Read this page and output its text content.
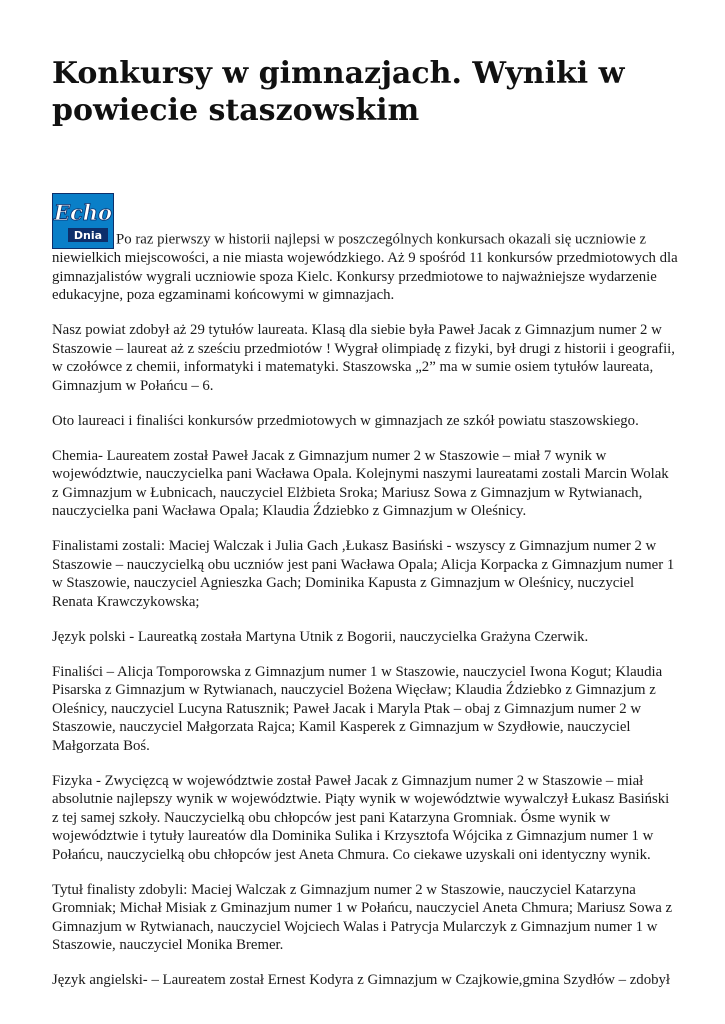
Konkursy w gimnazjach. Wyniki w powiecie staszowskim

Echo
Dnia Po raz pierwszy w historii najlepsi w poszczególnych konkursach okazali się uczniowie z niewielkich miejscowości, a nie miasta wojewódzkiego. Aż 9 spośród 11 konkursów przedmiotowych dla gimnazjalistów wygrali uczniowie spoza Kielc. Konkursy przedmiotowe to najważniejsze wydarzenie edukacyjne, poza egzaminami końcowymi w gimnazjach.

Nasz powiat zdobył aż 29 tytułów laureata. Klasą dla siebie była Paweł Jacak z Gimnazjum numer 2 w Staszowie – laureat aż z sześciu przedmiotów ! Wygrał olimpiadę z fizyki, był drugi z historii i geografii, w czołówce z chemii, informatyki i matematyki. Staszowska „2” ma w sumie osiem tytułów laureata, Gimnazjum w Połańcu – 6.

Oto laureaci i finaliści konkursów przedmiotowych w gimnazjach ze szkół powiatu staszowskiego.

Chemia- Laureatem został Paweł Jacak z Gimnazjum numer 2 w Staszowie – miał 7 wynik w województwie, nauczycielka pani Wacława Opala. Kolejnymi naszymi laureatami zostali Marcin Wolak z Gimnazjum w Łubnicach, nauczyciel Elżbieta Sroka; Mariusz Sowa z Gimnazjum w Rytwianach, nauczycielka pani Wacława Opala; Klaudia Ździebko z Gimnazjum w Oleśnicy.

Finalistami zostali: Maciej Walczak i Julia Gach ,Łukasz Basiński - wszyscy z Gimnazjum numer 2 w Staszowie – nauczycielką obu uczniów jest pani Wacława Opala; Alicja Korpacka z Gimnazjum numer 1 w Staszowie, nauczyciel Agnieszka Gach; Dominika Kapusta z Gimnazjum w Oleśnicy, nuczyciel Renata Krawczykowska;

Język polski - Laureatką została Martyna Utnik z Bogorii, nauczycielka Grażyna Czerwik.

Finaliści – Alicja Tomporowska z Gimnazjum numer 1 w Staszowie, nauczyciel Iwona Kogut; Klaudia Pisarska z Gimnazjum w Rytwianach, nauczyciel Bożena Więcław; Klaudia Ździebko z Gimnazjum z Oleśnicy, nauczyciel Lucyna Ratusznik; Paweł Jacak i Maryla Ptak – obaj z Gimnazjum numer 2 w Staszowie, nauczyciel Małgorzata Rajca; Kamil Kasperek z Gimnazjum w Szydłowie, nauczyciel Małgorzata Boś.

Fizyka - Zwycięzcą w województwie został Paweł Jacak z Gimnazjum numer 2 w Staszowie – miał absolutnie najlepszy wynik w województwie. Piąty wynik w województwie wywalczył Łukasz Basiński z tej samej szkoły. Nauczycielką obu chłopców jest pani Katarzyna Gromniak. Ósme wynik w województwie i tytuły laureatów dla Dominika Sulika i Krzysztofa Wójcika z Gimnazjum numer 1 w Połańcu, nauczycielką obu chłopców jest Aneta Chmura. Co ciekawe uzyskali oni identyczny wynik.

Tytuł finalisty zdobyli: Maciej Walczak z Gimnazjum numer 2 w Staszowie, nauczyciel Katarzyna Gromniak; Michał Misiak z Gminazjum numer 1 w Połańcu, nauczyciel Aneta Chmura; Mariusz Sowa z Gimnazjum w Rytwianach, nauczyciel Wojciech Walas i Patrycja Mularczyk z Gimnazjum numer 1 w Staszowie, nauczyciel Monika Bremer.

Język angielski- – Laureatem został Ernest Kodyra z Gimnazjum w Czajkowie,gmina Szydłów – zdobył
